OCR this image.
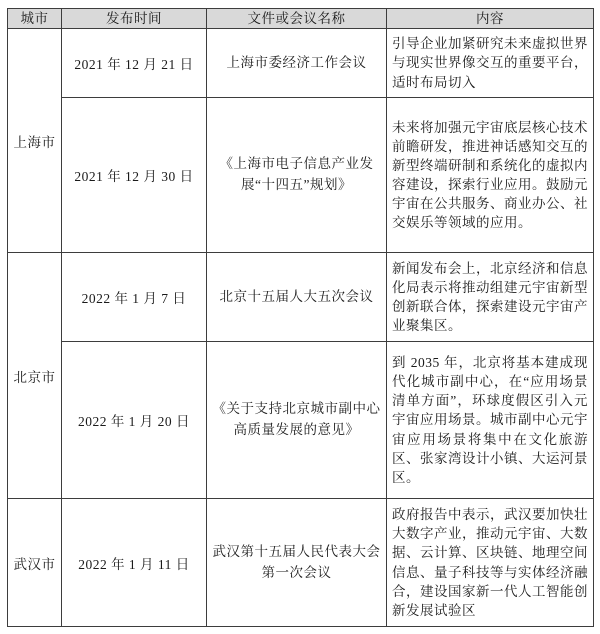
城市	发布时间	文件或会议名称	内容
上海市	2021 年 12 月 21 日	上海市委经济工作会议	引导企业加紧研究未来虚拟世界与现实世界像交互的重要平台，适时布局切入
	2021 年 12 月 30 日	《上海市电子信息产业发展“十四五”规划》	未来将加强元宇宙底层核心技术前瞻研发，推进神话感知交互的新型终端研制和系统化的虚拟内容建设，探索行业应用。鼓励元宇宙在公共服务、商业办公、社交娱乐等领域的应用。
北京市	2022 年 1 月 7 日	北京十五届人大五次会议	新闻发布会上，北京经济和信息化局表示将推动组建元宇宙新型创新联合体，探索建设元宇宙产业聚集区。
	2022 年 1 月 20 日	《关于支持北京城市副中心高质量发展的意见》	到 2035 年，北京将基本建成现代化城市副中心，在“应用场景清单方面”，环球度假区引入元宇宙应用场景。城市副中心元宇宙应用场景将集中在文化旅游区、张家湾设计小镇、大运河景区。
武汉市	2022 年 1 月 11 日	武汉第十五届人民代表大会第一次会议	政府报告中表示，武汉要加快壮大数字产业，推动元宇宙、大数据、云计算、区块链、地理空间信息、量子科技等与实体经济融合，建设国家新一代人工智能创新发展试验区
